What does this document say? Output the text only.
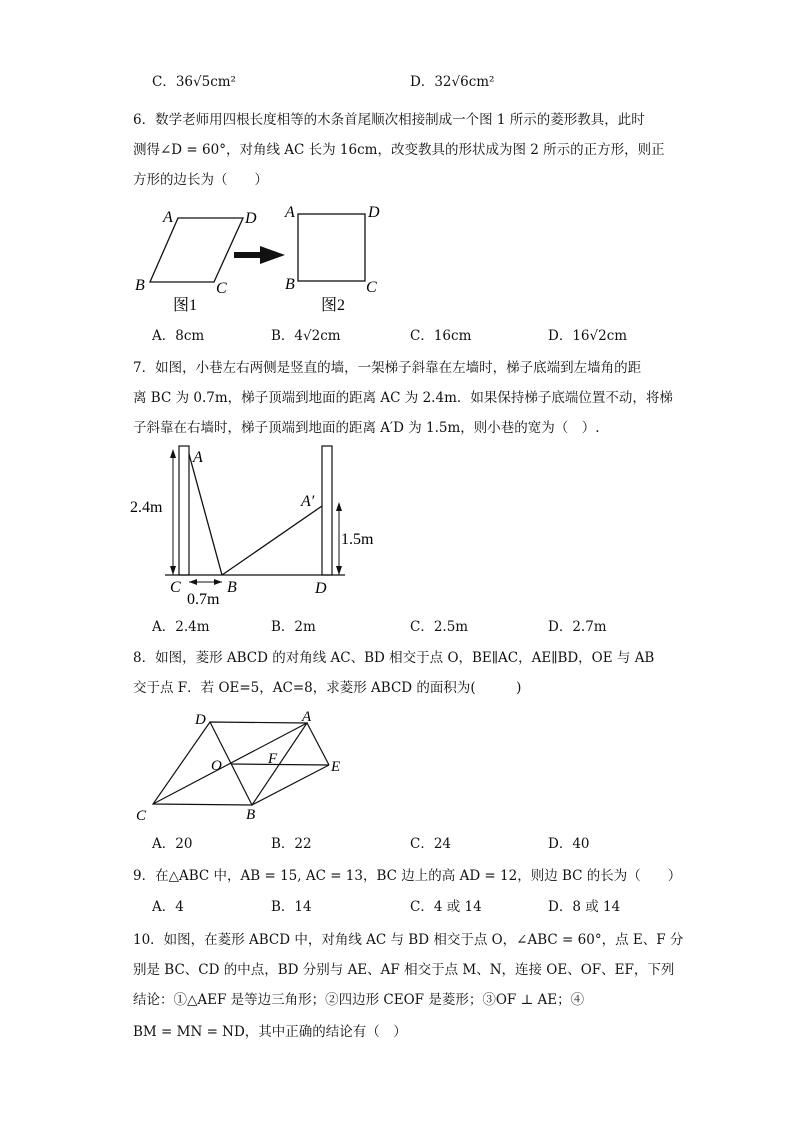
C．36√5cm²	D．32√6cm²
6．数学老师用四根长度相等的木条首尾顺次相接制成一个图 1 所示的菱形教具，此时
测得∠D = 60°，对角线 AC 长为 16cm，改变教具的形状成为图 2 所示的正方形，则正
方形的边长为（　　）
A	D
B	C
图1
A	D
B	C
图2
A．8cm	B．4√2cm	C．16cm	D．16√2cm
7．如图，小巷左右两侧是竖直的墙，一架梯子斜靠在左墙时，梯子底端到左墙角的距
离 BC 为 0.7m，梯子顶端到地面的距离 AC 为 2.4m．如果保持梯子底端位置不动，将梯
子斜靠在右墙时，梯子顶端到地面的距离 A′D 为 1.5m，则小巷的宽为（　）.
2.4m
1.5m
0.7m
A
A′
B
C	D
A．2.4m	B．2m	C．2.5m	D．2.7m
8．如图，菱形 ABCD 的对角线 AC、BD 相交于点 O，BE∥AC，AE∥BD，OE 与 AB
交于点 F．若 OE=5，AC=8，求菱形 ABCD 的面积为(　　　)
D	A
C	B
E
F
O
A．20	B．22	C．24	D．40
9．在△ABC 中，AB = 15, AC = 13，BC 边上的高 AD = 12，则边 BC 的长为（　　）
A．4	B．14	C．4 或 14	D．8 或 14
10．如图，在菱形 ABCD 中，对角线 AC 与 BD 相交于点 O，∠ABC = 60°，点 E、F 分
别是 BC、CD 的中点，BD 分别与 AE、AF 相交于点 M、N，连接 OE、OF、EF，下列
结论：①△AEF 是等边三角形；②四边形 CEOF 是菱形；③OF ⊥ AE；④
BM = MN = ND，其中正确的结论有（　）
